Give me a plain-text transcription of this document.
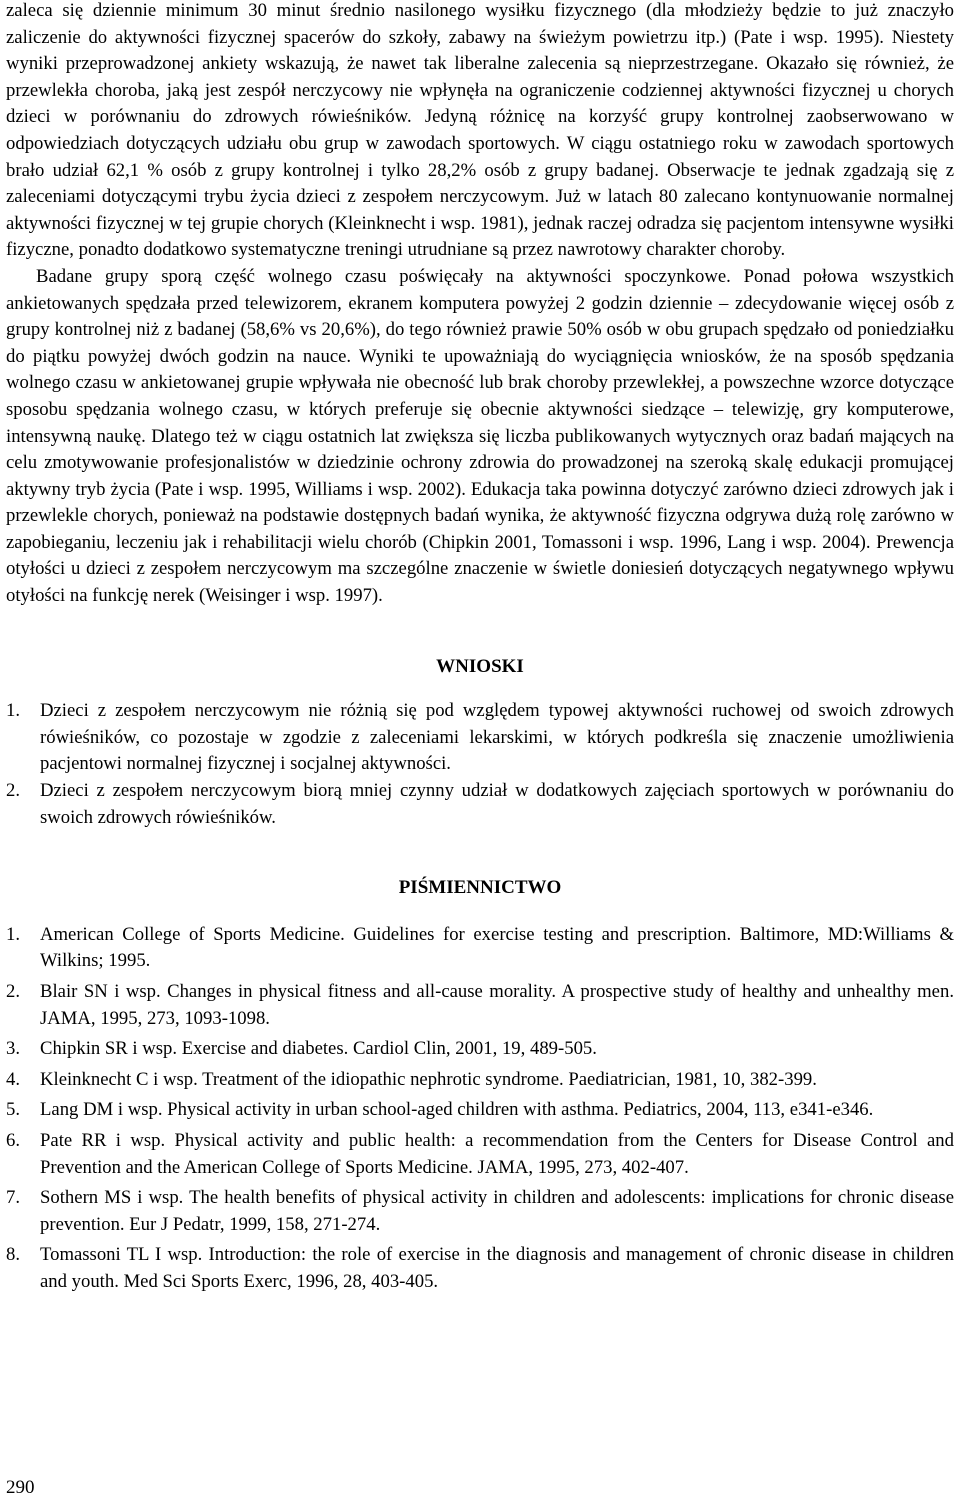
zaleca się dziennie minimum 30 minut średnio nasilonego wysiłku fizycznego (dla młodzieży będzie to już znaczyło zaliczenie do aktywności fizycznej spacerów do szkoły, zabawy na świeżym powietrzu itp.) (Pate i wsp. 1995). Niestety wyniki przeprowadzonej ankiety wskazują, że nawet tak liberalne zalecenia są nieprzestrzegane. Okazało się również, że przewlekła choroba, jaką jest zespół nerczycowy nie wpłynęła na ograniczenie codziennej aktywności fizycznej u chorych dzieci w porównaniu do zdrowych rówieśników. Jedyną różnicę na korzyść grupy kontrolnej zaobserwowano w odpowiedziach dotyczących udziału obu grup w zawodach sportowych. W ciągu ostatniego roku w zawodach sportowych brało udział 62,1 % osób z grupy kontrolnej i tylko 28,2% osób z grupy badanej. Obserwacje te jednak zgadzają się z zaleceniami dotyczącymi trybu życia dzieci z zespołem nerczycowym. Już w latach 80 zalecano kontynuowanie normalnej aktywności fizycznej w tej grupie chorych (Kleinknecht i wsp. 1981), jednak raczej odradza się pacjentom intensywne wysiłki fizyczne, ponadto dodatkowo systematyczne treningi utrudniane są przez nawrotowy charakter choroby.

Badane grupy sporą część wolnego czasu poświęcały na aktywności spoczynkowe. Ponad połowa wszystkich ankietowanych spędzała przed telewizorem, ekranem komputera powyżej 2 godzin dziennie – zdecydowanie więcej osób z grupy kontrolnej niż z badanej (58,6% vs 20,6%), do tego również prawie 50% osób w obu grupach spędzało od poniedziałku do piątku powyżej dwóch godzin na nauce. Wyniki te upoważniają do wyciągnięcia wniosków, że na sposób spędzania wolnego czasu w ankietowanej grupie wpływała nie obecność lub brak choroby przewlekłej, a powszechne wzorce dotyczące sposobu spędzania wolnego czasu, w których preferuje się obecnie aktywności siedzące – telewizję, gry komputerowe, intensywną naukę. Dlatego też w ciągu ostatnich lat zwiększa się liczba publikowanych wytycznych oraz badań mających na celu zmotywowanie profesjonalistów w dziedzinie ochrony zdrowia do prowadzonej na szeroką skalę edukacji promującej aktywny tryb życia (Pate i wsp. 1995, Williams i wsp. 2002). Edukacja taka powinna dotyczyć zarówno dzieci zdrowych jak i przewlekle chorych, ponieważ na podstawie dostępnych badań wynika, że aktywność fizyczna odgrywa dużą rolę zarówno w zapobieganiu, leczeniu jak i rehabilitacji wielu chorób (Chipkin 2001, Tomassoni i wsp. 1996, Lang i wsp. 2004). Prewencja otyłości u dzieci z zespołem nerczycowym ma szczególne znaczenie w świetle doniesień dotyczących negatywnego wpływu otyłości na funkcję nerek (Weisinger i wsp. 1997).

WNIOSKI
1.	Dzieci z zespołem nerczycowym nie różnią się pod względem typowej aktywności ruchowej od swoich zdrowych rówieśników, co pozostaje w zgodzie z zaleceniami lekarskimi, w których podkreśla się znaczenie umożliwienia pacjentowi normalnej fizycznej i socjalnej aktywności.
2.	Dzieci z zespołem nerczycowym biorą mniej czynny udział w dodatkowych zajęciach sportowych w porównaniu do swoich zdrowych rówieśników.
PIŚMIENNICTWO
1.	American College of Sports Medicine. Guidelines for exercise testing and prescription. Baltimore, MD:Williams & Wilkins; 1995.
2.	Blair SN i wsp. Changes in physical fitness and all-cause morality. A prospective study of healthy and unhealthy men. JAMA, 1995, 273, 1093-1098.
3.	Chipkin SR i wsp. Exercise and diabetes. Cardiol Clin, 2001, 19, 489-505.
4.	Kleinknecht C i wsp. Treatment of the idiopathic nephrotic syndrome. Paediatrician, 1981, 10, 382-399.
5.	Lang DM i wsp. Physical activity in urban school-aged children with asthma. Pediatrics, 2004, 113, e341-e346.
6.	Pate RR i wsp. Physical activity and public health: a recommendation from the Centers for Disease Control and Prevention and the American College of Sports Medicine. JAMA, 1995, 273, 402-407.
7.	Sothern MS i wsp. The health benefits of physical activity in children and adolescents: implications for chronic disease prevention. Eur J Pedatr, 1999, 158, 271-274.
8.	Tomassoni TL I wsp. Introduction: the role of exercise in the diagnosis and management of chronic disease in children and youth. Med Sci Sports Exerc, 1996, 28, 403-405.
290
